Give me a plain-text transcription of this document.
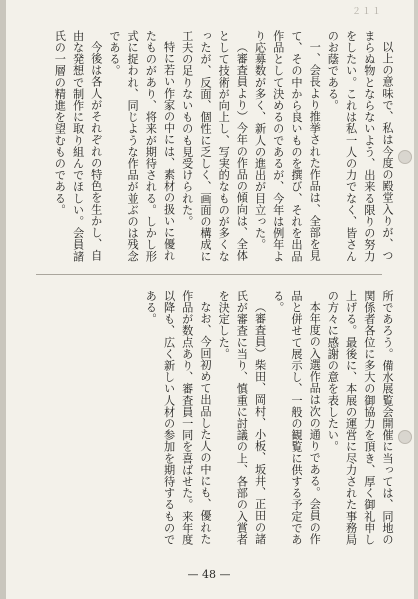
２１１

以上の意味で、私は今度の殿堂入りが、つまらぬ物とならないよう、出来る限りの努力をしたい。これは私一人の力でなく、皆さんのお蔭である。

一、会長より推挙された作品は、全部を見て、その中から良いものを撰び、それを出品作品として決めるのであるが、今年は例年より応募数が多く、新人の進出が目立った。

（審査員より）今年の作品の傾向は、全体として技術が向上し、写実的なものが多くなったが、反面、個性に乏しく、画面の構成に工夫の足りないものも見受けられた。

特に若い作家の中には、素材の扱いに優れたものがあり、将来が期待される。しかし形式に捉われ、同じような作品が並ぶのは残念である。

今後は各人がそれぞれの特色を生かし、自由な発想で制作に取り組んでほしい。会員諸氏の一層の精進を望むものである。

所であろう。備水展覧会開催に当っては、同地の関係者各位に多大の御協力を頂き、厚く御礼申し上げる。最後に、本展の運営に尽力された事務局の方々に感謝の意を表したい。

本年度の入選作品は次の通りである。会員の作品と併せて展示し、一般の観覧に供する予定である。

（審査員）柴田、岡村、小板、坂井、正田の諸氏が審査に当り、慎重に討議の上、各部の入賞者を決定した。

なお、今回初めて出品した人の中にも、優れた作品が数点あり、審査員一同を喜ばせた。来年度以降も、広く新しい人材の参加を期待するものである。

— 48 —
